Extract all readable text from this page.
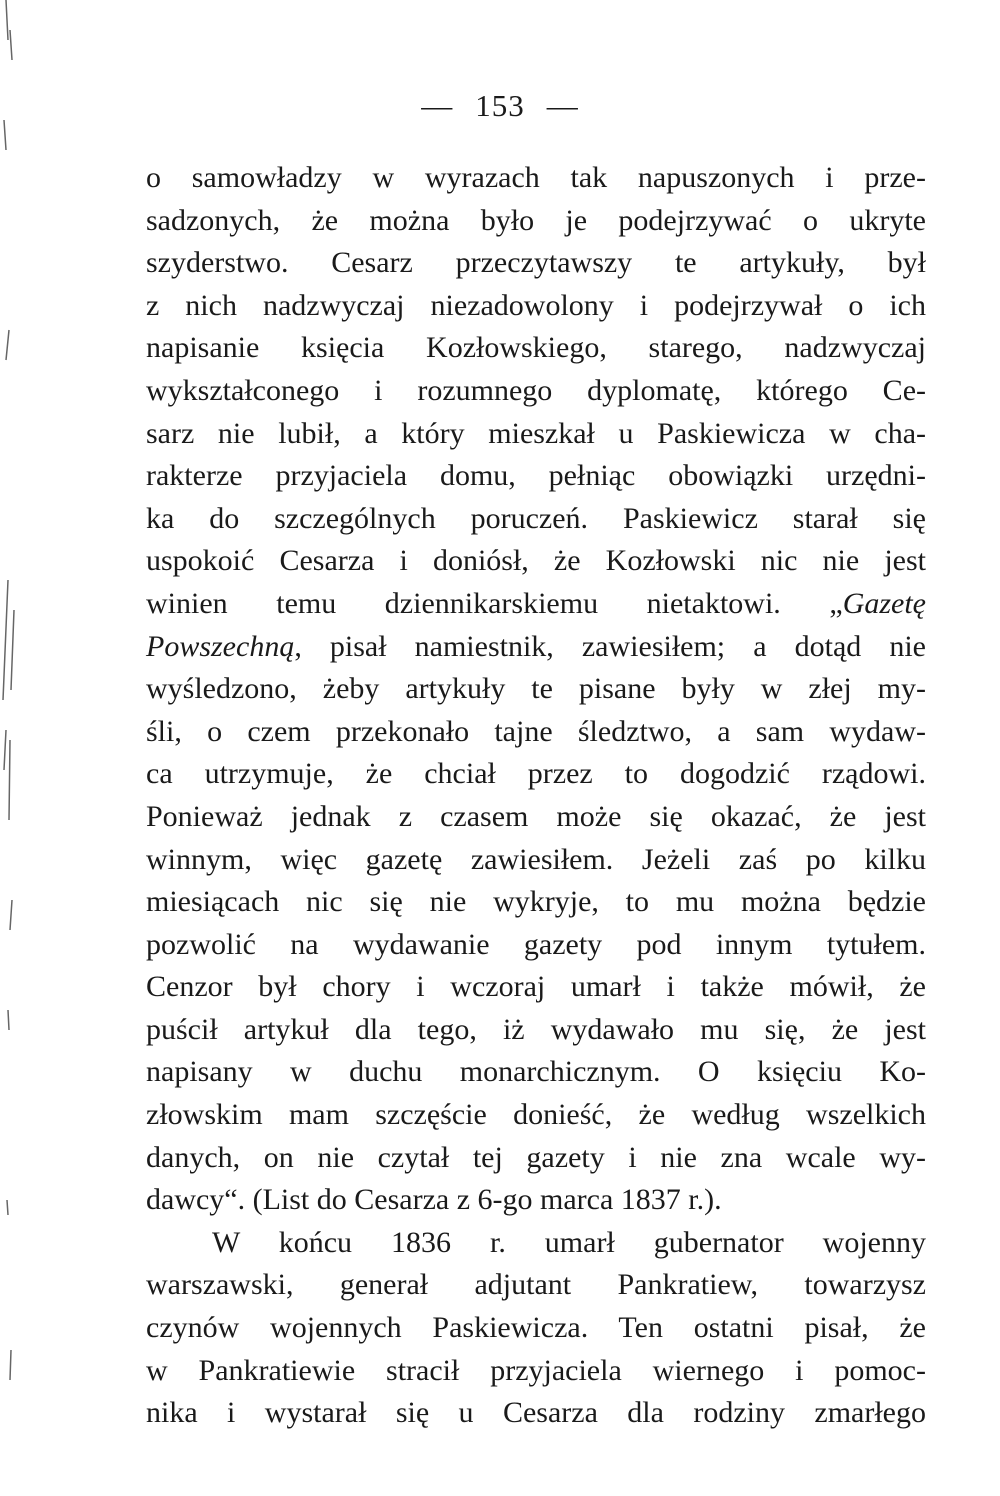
— 153 —
o samowładzy w wyrazach tak napuszonych i prze-
sadzonych, że można było je podejrzywać o ukryte
szyderstwo. Cesarz przeczytawszy te artykuły, był
z nich nadzwyczaj niezadowolony i podejrzywał o ich
napisanie księcia Kozłowskiego, starego, nadzwyczaj
wykształconego i rozumnego dyplomatę, którego Ce-
sarz nie lubił, a który mieszkał u Paskiewicza w cha-
rakterze przyjaciela domu, pełniąc obowiązki urzędni-
ka do szczególnych poruczeń. Paskiewicz starał się
uspokoić Cesarza i doniósł, że Kozłowski nic nie jest
winien temu dziennikarskiemu nietaktowi. „Gazetę
Powszechną, pisał namiestnik, zawiesiłem; a dotąd nie
wyśledzono, żeby artykuły te pisane były w złej my-
śli, o czem przekonało tajne śledztwo, a sam wydaw-
ca utrzymuje, że chciał przez to dogodzić rządowi.
Ponieważ jednak z czasem może się okazać, że jest
winnym, więc gazetę zawiesiłem. Jeżeli zaś po kilku
miesiącach nic się nie wykryje, to mu można będzie
pozwolić na wydawanie gazety pod innym tytułem.
Cenzor był chory i wczoraj umarł i także mówił, że
puścił artykuł dla tego, iż wydawało mu się, że jest
napisany w duchu monarchicznym. O księciu Ko-
złowskim mam szczęście donieść, że według wszelkich
danych, on nie czytał tej gazety i nie zna wcale wy-
dawcy“. (List do Cesarza z 6-go marca 1837 r.).
W końcu 1836 r. umarł gubernator wojenny
warszawski, generał adjutant Pankratiew, towarzysz
czynów wojennych Paskiewicza. Ten ostatni pisał, że
w Pankratiewie stracił przyjaciela wiernego i pomoc-
nika i wystarał się u Cesarza dla rodziny zmarłego
